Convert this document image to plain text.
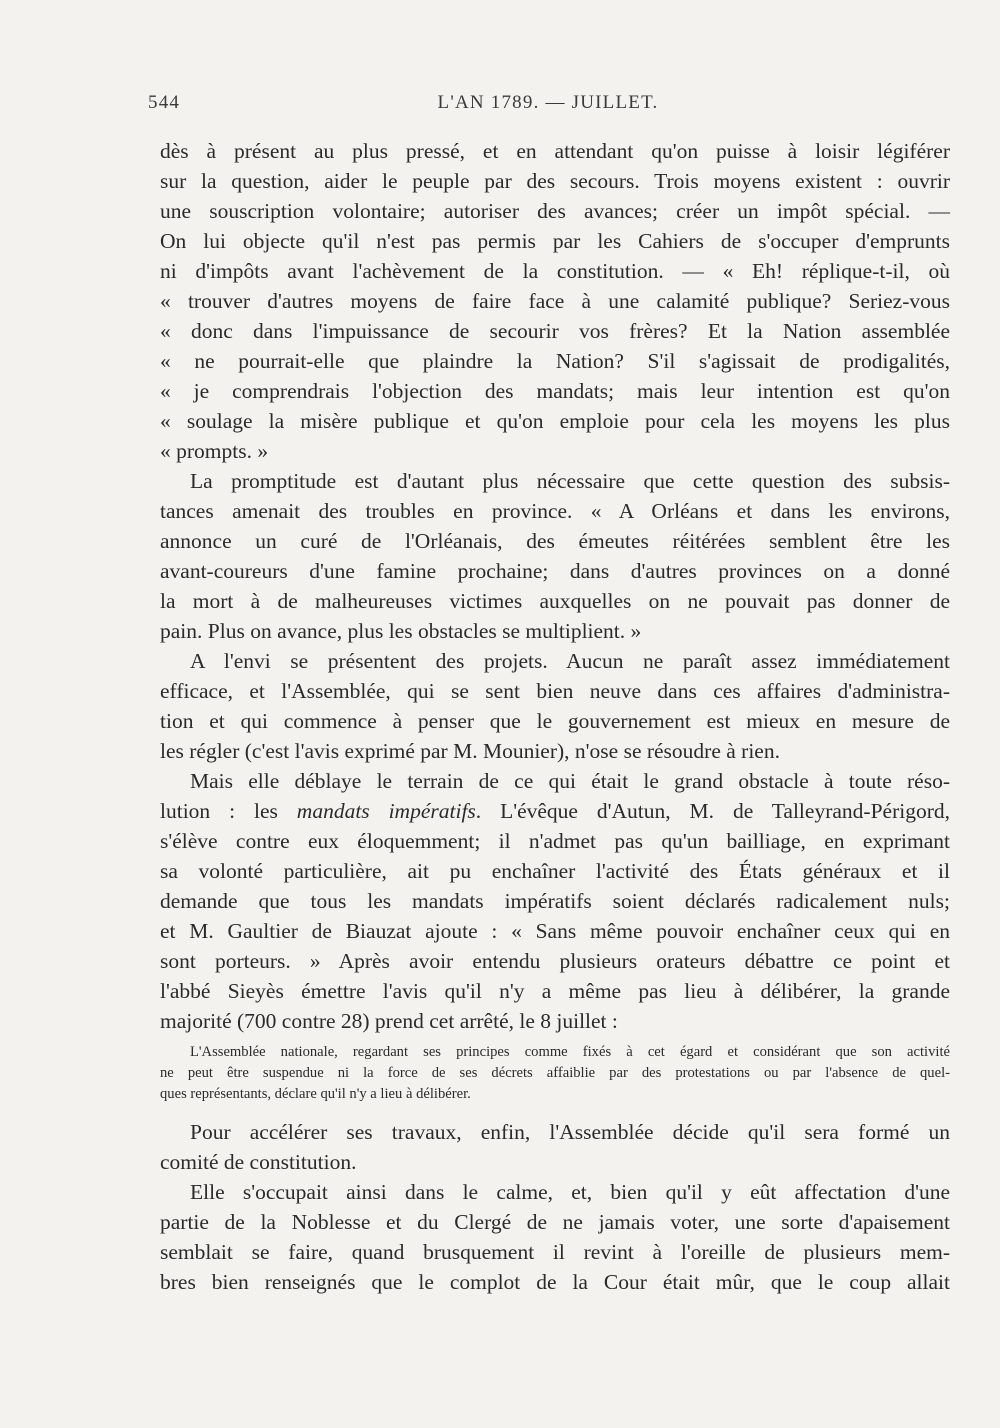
544	L'AN 1789. — JUILLET.
dès à présent au plus pressé, et en attendant qu'on puisse à loisir légiférer
sur la question, aider le peuple par des secours. Trois moyens existent : ouvrir
une souscription volontaire; autoriser des avances; créer un impôt spécial. —
On lui objecte qu'il n'est pas permis par les Cahiers de s'occuper d'emprunts
ni d'impôts avant l'achèvement de la constitution. — « Eh! réplique-t-il, où
« trouver d'autres moyens de faire face à une calamité publique? Seriez-vous
« donc dans l'impuissance de secourir vos frères? Et la Nation assemblée
« ne pourrait-elle que plaindre la Nation? S'il s'agissait de prodigalités,
« je comprendrais l'objection des mandats; mais leur intention est qu'on
« soulage la misère publique et qu'on emploie pour cela les moyens les plus
« prompts. »
La promptitude est d'autant plus nécessaire que cette question des subsis-
tances amenait des troubles en province. « A Orléans et dans les environs,
annonce un curé de l'Orléanais, des émeutes réitérées semblent être les
avant-coureurs d'une famine prochaine; dans d'autres provinces on a donné
la mort à de malheureuses victimes auxquelles on ne pouvait pas donner de
pain. Plus on avance, plus les obstacles se multiplient. »
A l'envi se présentent des projets. Aucun ne paraît assez immédiatement
efficace, et l'Assemblée, qui se sent bien neuve dans ces affaires d'administra-
tion et qui commence à penser que le gouvernement est mieux en mesure de
les régler (c'est l'avis exprimé par M. Mounier), n'ose se résoudre à rien.
Mais elle déblaye le terrain de ce qui était le grand obstacle à toute réso-
lution : les mandats impératifs. L'évêque d'Autun, M. de Talleyrand-Périgord,
s'élève contre eux éloquemment; il n'admet pas qu'un bailliage, en exprimant
sa volonté particulière, ait pu enchaîner l'activité des États généraux et il
demande que tous les mandats impératifs soient déclarés radicalement nuls;
et M. Gaultier de Biauzat ajoute : « Sans même pouvoir enchaîner ceux qui en
sont porteurs. » Après avoir entendu plusieurs orateurs débattre ce point et
l'abbé Sieyès émettre l'avis qu'il n'y a même pas lieu à délibérer, la grande
majorité (700 contre 28) prend cet arrêté, le 8 juillet :
L'Assemblée nationale, regardant ses principes comme fixés à cet égard et considérant que son activité
ne peut être suspendue ni la force de ses décrets affaiblie par des protestations ou par l'absence de quel-
ques représentants, déclare qu'il n'y a lieu à délibérer.
Pour accélérer ses travaux, enfin, l'Assemblée décide qu'il sera formé un
comité de constitution.
Elle s'occupait ainsi dans le calme, et, bien qu'il y eût affectation d'une
partie de la Noblesse et du Clergé de ne jamais voter, une sorte d'apaisement
semblait se faire, quand brusquement il revint à l'oreille de plusieurs mem-
bres bien renseignés que le complot de la Cour était mûr, que le coup allait
